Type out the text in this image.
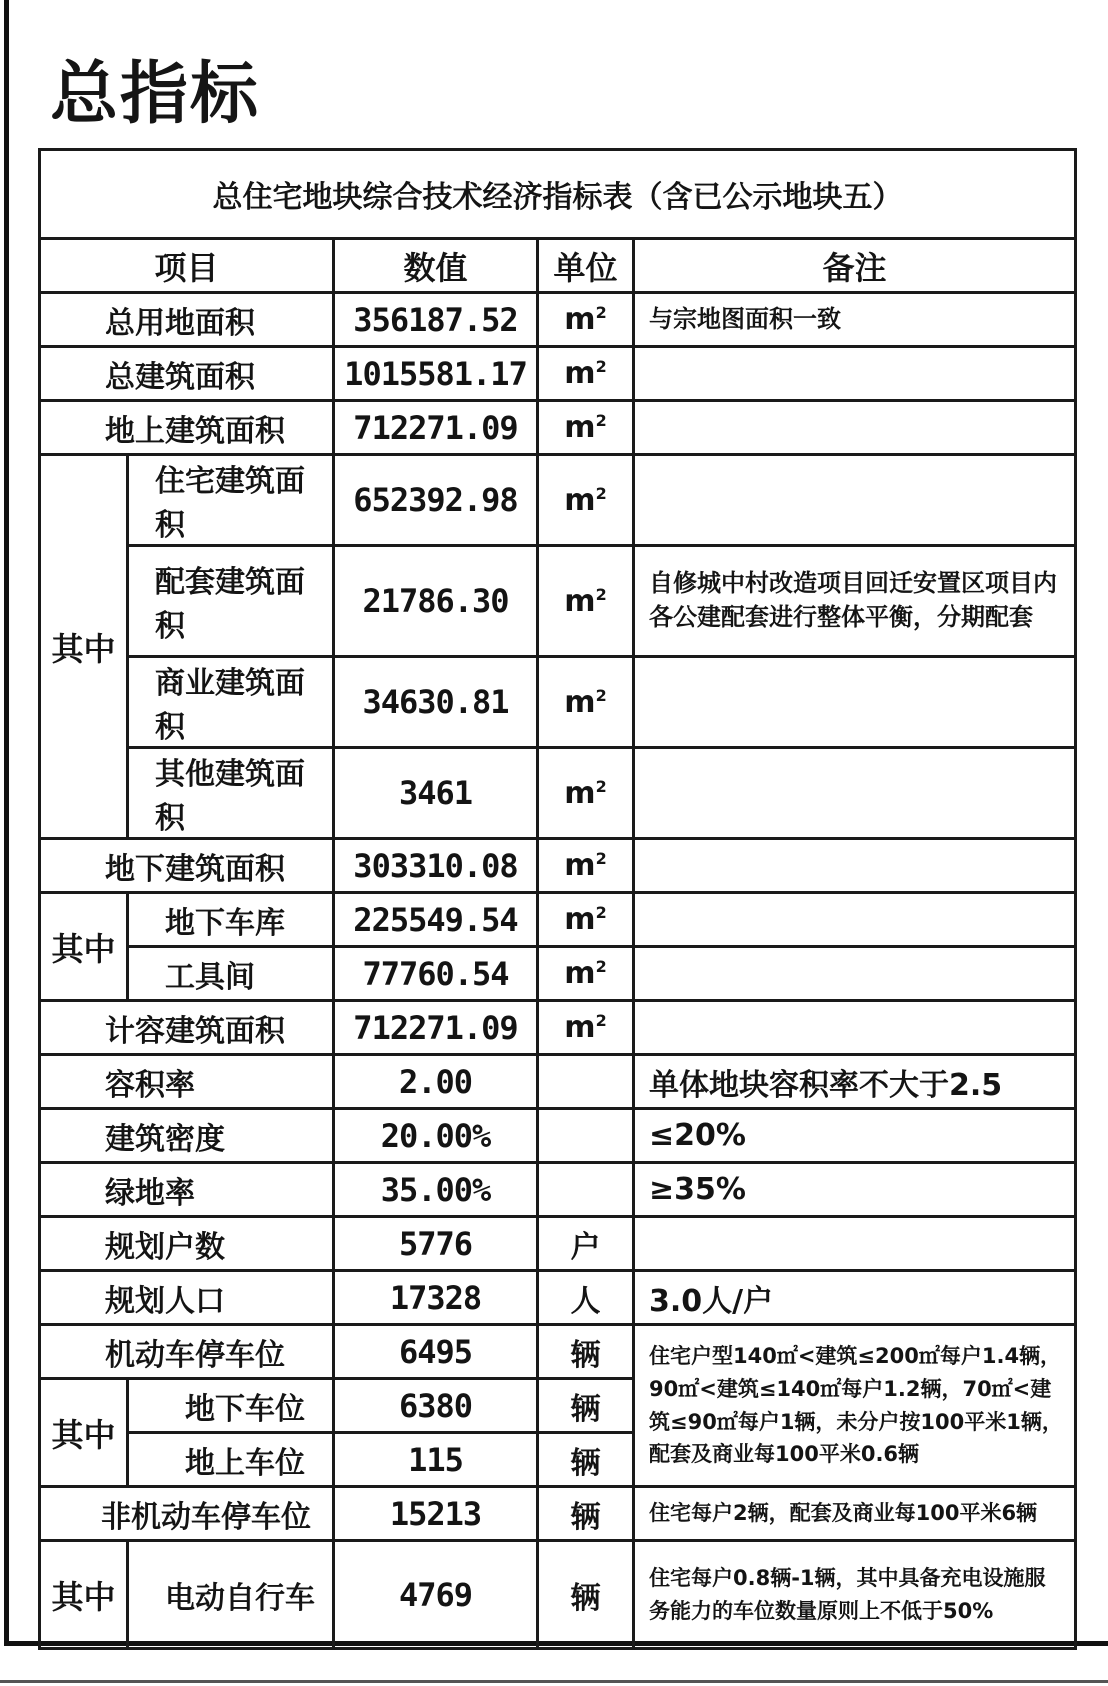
总指标
总住宅地块综合技术经济指标表（含已公示地块五）				
项目		数值	单位	备注
总用地面积		356187.52	$m^2$	与宗地图面积一致
总建筑面积		1015581.17	$m^2$	
地上建筑面积		712271.09	$m^2$	
其中	住宅建筑面积	652392.98	$m^2$	
	配套建筑面积	21786.30	$m^2$	自修城中村改造项目回迁安置区项目内各公建配套进行整体平衡，分期配套
	商业建筑面积	34630.81	$m^2$	
	其他建筑面积	3461	$m^2$	
地下建筑面积		303310.08	$m^2$	
其中	地下车库	225549.54	$m^2$	
	工具间	77760.54	$m^2$	
计容建筑面积		712271.09	$m^2$	
容积率		2.00		单体地块容积率不大于2.5
建筑密度		20.00%		≤20%
绿地率		35.00%		≥35%
规划户数		5776	户	
规划人口		17328	人	3.0人/户
机动车停车位		6495	辆	住宅户型140㎡<建筑≤200㎡每户1.4辆，90㎡<建筑≤140㎡每户1.2辆，70㎡<建筑≤90㎡每户1辆，未分户按100平米1辆，配套及商业每100平米0.6辆
其中	地下车位	6380	辆	
	地上车位	115	辆	
非机动车停车位		15213	辆	住宅每户2辆，配套及商业每100平米6辆
其中	电动自行车	4769	辆	住宅每户0.8辆-1辆，其中具备充电设施服务能力的车位数量原则上不低于50%
